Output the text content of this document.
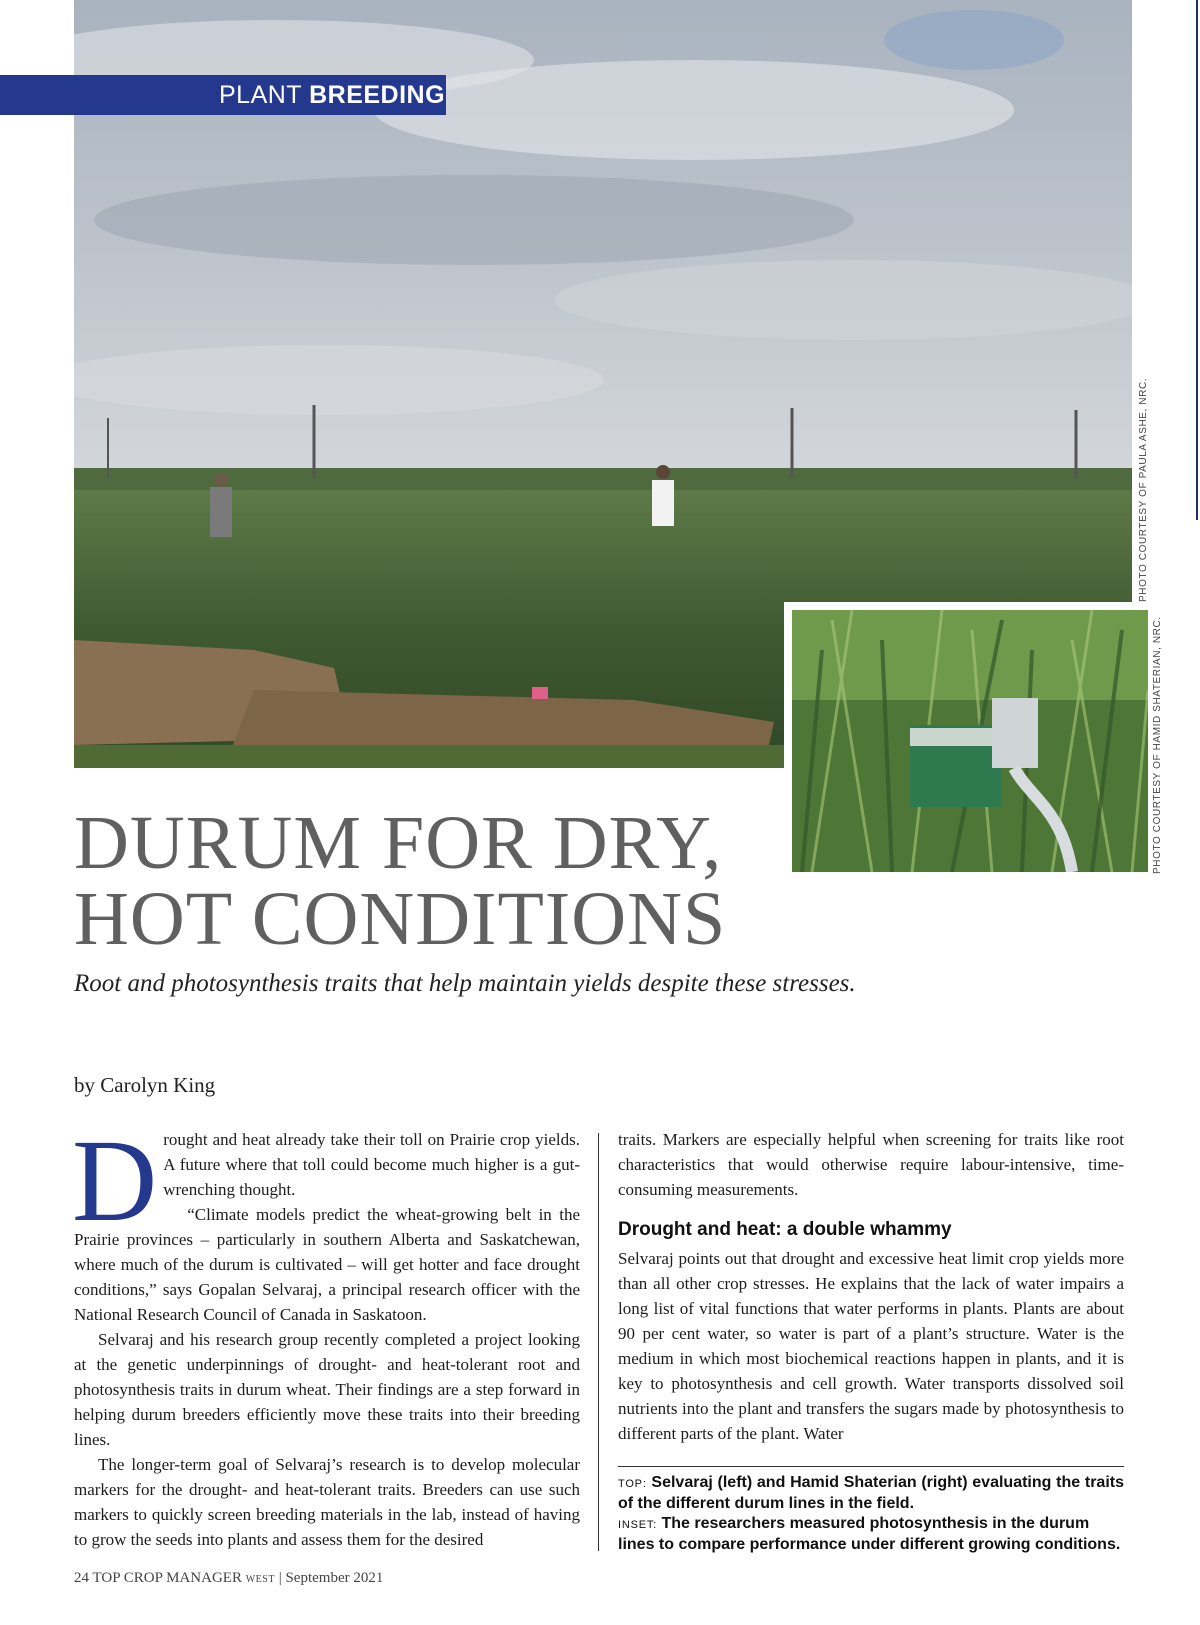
PLANT BREEDING
PHOTO COURTESY OF PAULA ASHE, NRC.
PHOTO COURTESY OF HAMID SHATERIAN, NRC.
DURUM FOR DRY,
HOT CONDITIONS
Root and photosynthesis traits that help maintain yields despite these stresses.
by Carolyn King
D rought and heat already take their toll on Prairie crop yields. A future where that toll could become much higher is a gut-wrenching thought.

“Climate models predict the wheat-growing belt in the Prairie provinces – particularly in southern Alberta and Saskatchewan, where much of the durum is cultivated – will get hotter and face drought conditions,” says Gopalan Selvaraj, a principal research officer with the National Research Council of Canada in Saskatoon.

Selvaraj and his research group recently completed a project looking at the genetic underpinnings of drought- and heat-tolerant root and photosynthesis traits in durum wheat. Their findings are a step forward in helping durum breeders efficiently move these traits into their breeding lines.

The longer-term goal of Selvaraj’s research is to develop molecular markers for the drought- and heat-tolerant traits. Breeders can use such markers to quickly screen breeding materials in the lab, instead of having to grow the seeds into plants and assess them for the desired

traits. Markers are especially helpful when screening for traits like root characteristics that would otherwise require labour-intensive, time-consuming measurements.

Drought and heat: a double whammy

Selvaraj points out that drought and excessive heat limit crop yields more than all other crop stresses. He explains that the lack of water impairs a long list of vital functions that water performs in plants. Plants are about 90 per cent water, so water is part of a plant’s structure. Water is the medium in which most biochemical reactions happen in plants, and it is key to photosynthesis and cell growth. Water transports dissolved soil nutrients into the plant and transfers the sugars made by photosynthesis to different parts of the plant. Water

TOP: Selvaraj (left) and Hamid Shaterian (right) evaluating the traits of the different durum lines in the field.

INSET: The researchers measured photosynthesis in the durum lines to compare performance under different growing conditions.

24 TOP CROP MANAGER WEST | September 2021
